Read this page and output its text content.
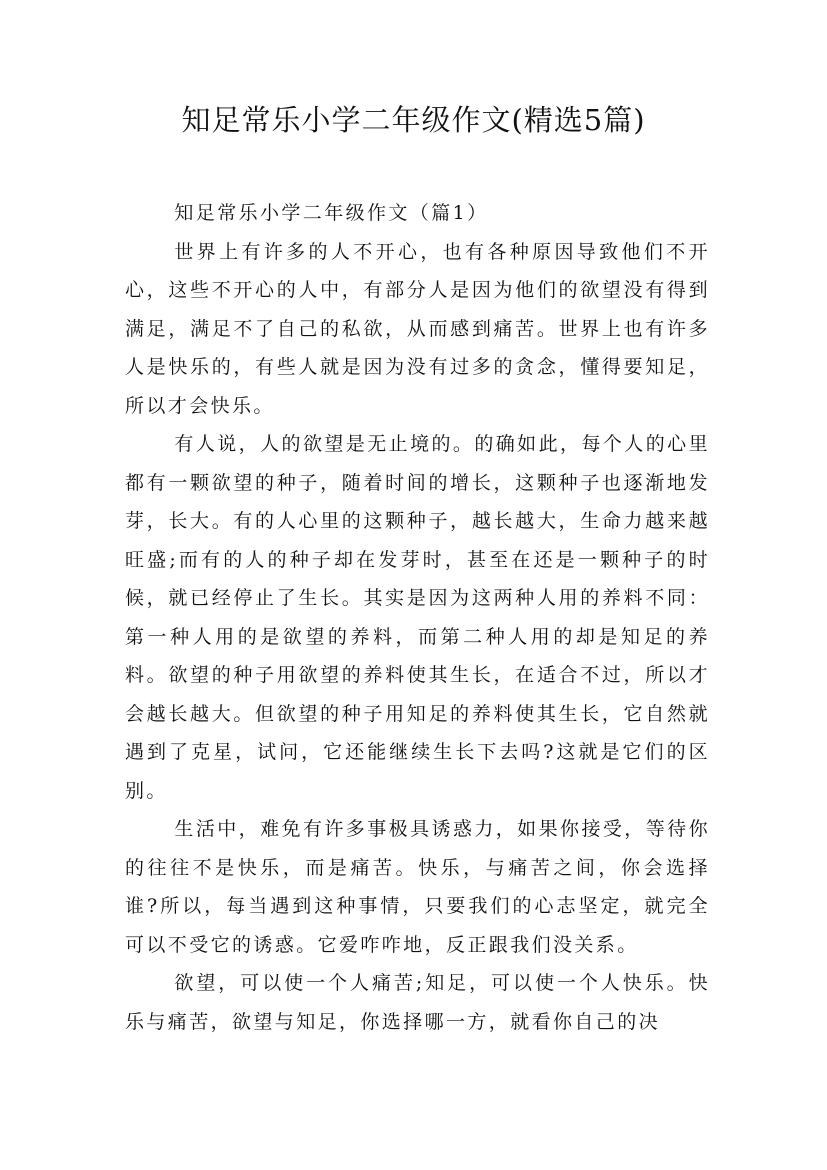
知足常乐小学二年级作文(精选5篇)

知足常乐小学二年级作文（篇1）

世界上有许多的人不开心，也有各种原因导致他们不开心，这些不开心的人中，有部分人是因为他们的欲望没有得到满足，满足不了自己的私欲，从而感到痛苦。世界上也有许多人是快乐的，有些人就是因为没有过多的贪念，懂得要知足，所以才会快乐。

有人说，人的欲望是无止境的。的确如此，每个人的心里都有一颗欲望的种子，随着时间的增长，这颗种子也逐渐地发芽，长大。有的人心里的这颗种子，越长越大，生命力越来越旺盛;而有的人的种子却在发芽时，甚至在还是一颗种子的时候，就已经停止了生长。其实是因为这两种人用的养料不同：第一种人用的是欲望的养料，而第二种人用的却是知足的养料。欲望的种子用欲望的养料使其生长，在适合不过，所以才会越长越大。但欲望的种子用知足的养料使其生长，它自然就遇到了克星，试问，它还能继续生长下去吗?这就是它们的区别。

生活中，难免有许多事极具诱惑力，如果你接受，等待你的往往不是快乐，而是痛苦。快乐，与痛苦之间，你会选择谁?所以，每当遇到这种事情，只要我们的心志坚定，就完全可以不受它的诱惑。它爱咋咋地，反正跟我们没关系。

欲望，可以使一个人痛苦;知足，可以使一个人快乐。快乐与痛苦，欲望与知足，你选择哪一方，就看你自己的决
